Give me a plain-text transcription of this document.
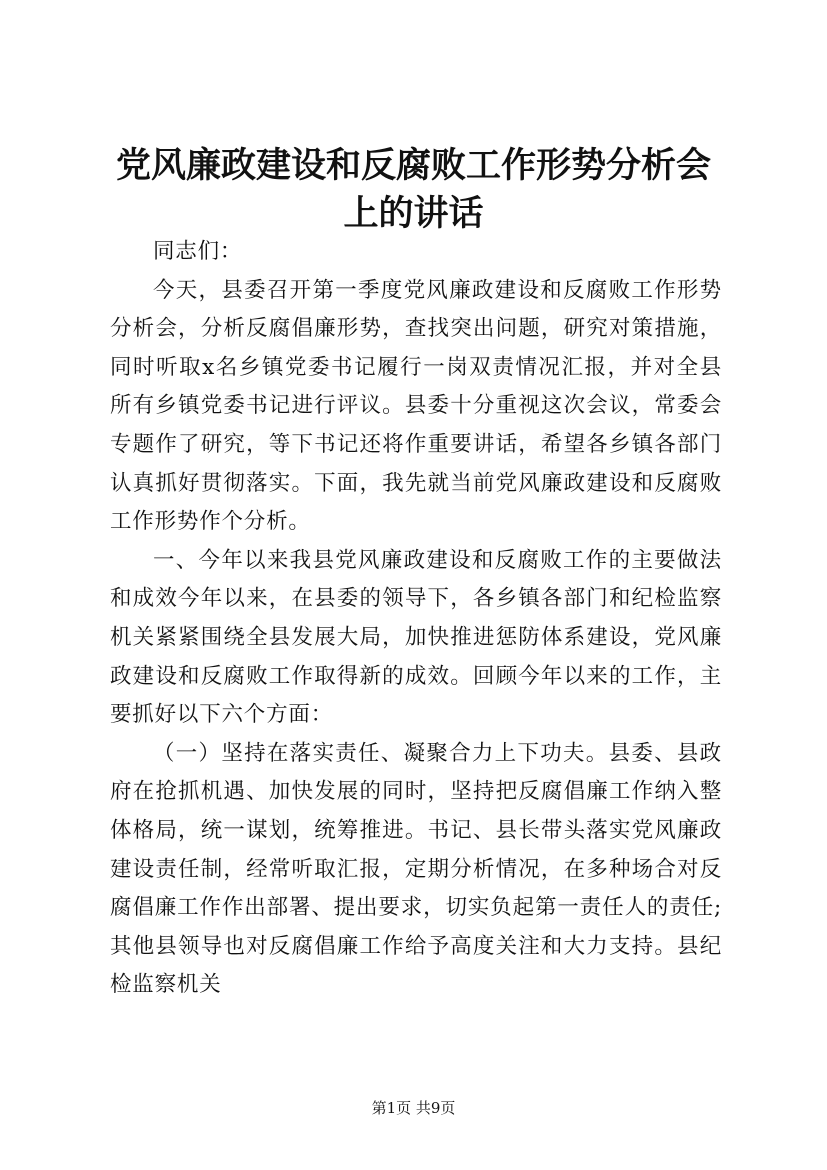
党风廉政建设和反腐败工作形势分析会上的讲话

同志们：

今天，县委召开第一季度党风廉政建设和反腐败工作形势分析会，分析反腐倡廉形势，查找突出问题，研究对策措施，同时听取x名乡镇党委书记履行一岗双责情况汇报，并对全县所有乡镇党委书记进行评议。县委十分重视这次会议，常委会专题作了研究，等下书记还将作重要讲话，希望各乡镇各部门认真抓好贯彻落实。下面，我先就当前党风廉政建设和反腐败工作形势作个分析。

一、今年以来我县党风廉政建设和反腐败工作的主要做法和成效今年以来，在县委的领导下，各乡镇各部门和纪检监察机关紧紧围绕全县发展大局，加快推进惩防体系建设，党风廉政建设和反腐败工作取得新的成效。回顾今年以来的工作，主要抓好以下六个方面：

（一）坚持在落实责任、凝聚合力上下功夫。县委、县政府在抢抓机遇、加快发展的同时，坚持把反腐倡廉工作纳入整体格局，统一谋划，统筹推进。书记、县长带头落实党风廉政建设责任制，经常听取汇报，定期分析情况，在多种场合对反腐倡廉工作作出部署、提出要求，切实负起第一责任人的责任;其他县领导也对反腐倡廉工作给予高度关注和大力支持。县纪检监察机关

第1页 共9页
